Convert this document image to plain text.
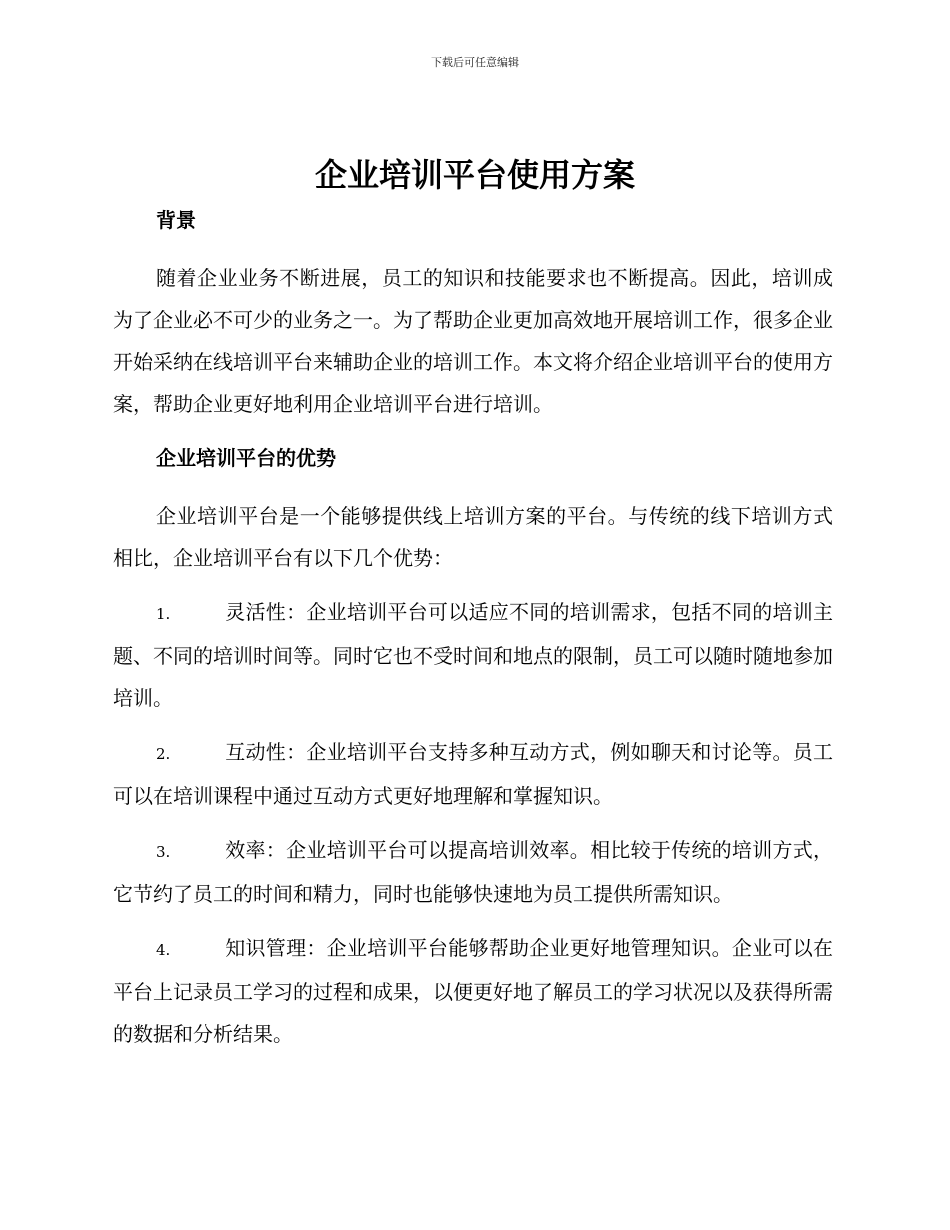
下载后可任意编辑
企业培训平台使用方案
背景

随着企业业务不断进展，员工的知识和技能要求也不断提高。因此，培训成为了企业必不可少的业务之一。为了帮助企业更加高效地开展培训工作，很多企业开始采纳在线培训平台来辅助企业的培训工作。本文将介绍企业培训平台的使用方案，帮助企业更好地利用企业培训平台进行培训。

企业培训平台的优势

企业培训平台是一个能够提供线上培训方案的平台。与传统的线下培训方式相比，企业培训平台有以下几个优势：

1.	灵活性：企业培训平台可以适应不同的培训需求，包括不同的培训主题、不同的培训时间等。同时它也不受时间和地点的限制，员工可以随时随地参加培训。

2.	互动性：企业培训平台支持多种互动方式，例如聊天和讨论等。员工可以在培训课程中通过互动方式更好地理解和掌握知识。

3.	效率：企业培训平台可以提高培训效率。相比较于传统的培训方式，它节约了员工的时间和精力，同时也能够快速地为员工提供所需知识。

4.	知识管理：企业培训平台能够帮助企业更好地管理知识。企业可以在平台上记录员工学习的过程和成果，以便更好地了解员工的学习状况以及获得所需的数据和分析结果。
